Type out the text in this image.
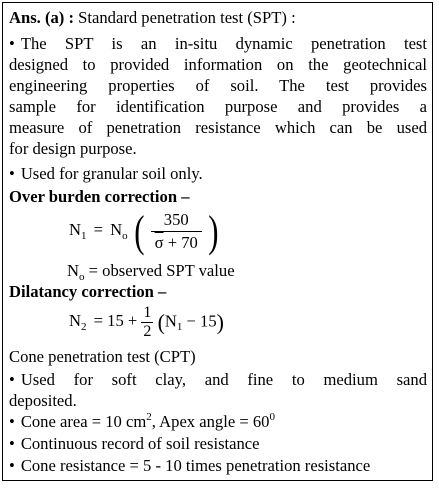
Ans. (a) : Standard penetration test (SPT) :
• The SPT is an in-situ dynamic penetration test
designed to provided information on the geotechnical
engineering properties of soil. The test provides
sample for identification purpose and provides a
measure of penetration resistance which can be used
for design purpose.
• Used for granular soil only.
Over burden correction –
$N_1 = N_o$ ( $\frac{350}{\overline{\sigma} + 70}$ )
$N_o$ = observed SPT value
Dilatancy correction –
$N_2 = 15 + \frac{1}{2} (N_1 - 15)$
Cone penetration test (CPT)
• Used for soft clay, and fine to medium sand
deposited.
• Cone area = 10 $cm^2$, Apex angle = $60^0$
• Continuous record of soil resistance
• Cone resistance = 5 - 10 times penetration resistance
